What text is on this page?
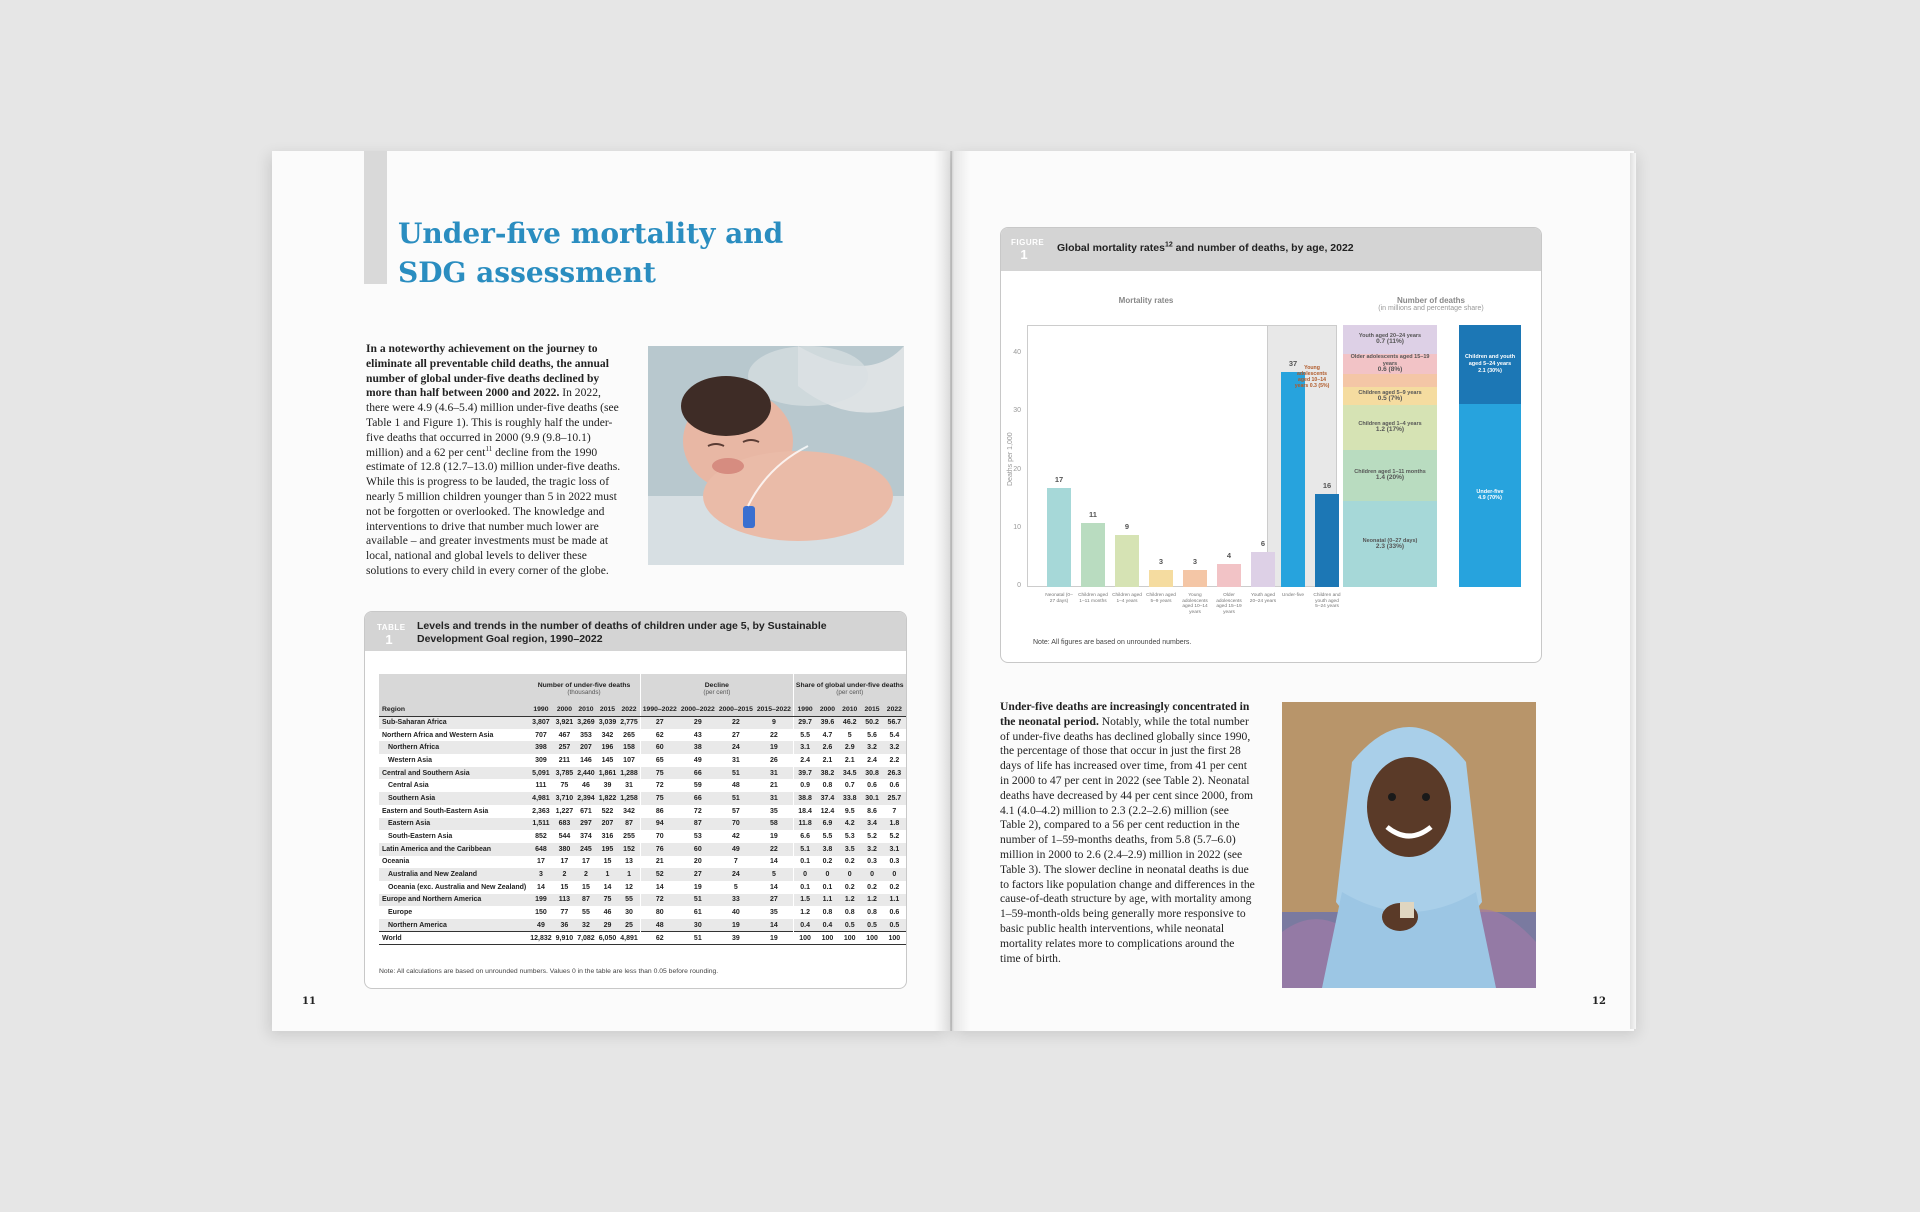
Under-five mortality and SDG assessment

In a noteworthy achievement on the journey to eliminate all preventable child deaths, the annual number of global under-five deaths declined by more than half between 2000 and 2022. In 2022, there were 4.9 (4.6–5.4) million under-five deaths (see Table 1 and Figure 1). This is roughly half the under-five deaths that occurred in 2000 (9.9 (9.8–10.1) million) and a 62 per cent$^{11}$ decline from the 1990 estimate of 12.8 (12.7–13.0) million under-five deaths. While this is progress to be lauded, the tragic loss of nearly 5 million children younger than 5 in 2022 must not be forgotten or overlooked. The knowledge and interventions to drive that number much lower are available – and greater investments must be made at local, national and global levels to deliver these solutions to every child in every corner of the globe.

TABLE
1
Levels and trends in the number of deaths of children under age 5, by Sustainable Development Goal region, 1990–2022
	Number of under-five deaths
(thousands)					Decline
(per cent)				Share of global under-five deaths
(per cent)				

Region	1990	2000	2010	2015	2022	1990–2022	2000–2022	2000–2015	2015–2022	1990	2000	2010	2015	2022
Sub-Saharan Africa	3,807	3,921	3,269	3,039	2,775	27	29	22	9	29.7	39.6	46.2	50.2	56.7
Northern Africa and Western Asia	707	467	353	342	265	62	43	27	22	5.5	4.7	5	5.6	5.4
Northern Africa	398	257	207	196	158	60	38	24	19	3.1	2.6	2.9	3.2	3.2
Western Asia	309	211	146	145	107	65	49	31	26	2.4	2.1	2.1	2.4	2.2
Central and Southern Asia	5,091	3,785	2,440	1,861	1,288	75	66	51	31	39.7	38.2	34.5	30.8	26.3
Central Asia	111	75	46	39	31	72	59	48	21	0.9	0.8	0.7	0.6	0.6
Southern Asia	4,981	3,710	2,394	1,822	1,258	75	66	51	31	38.8	37.4	33.8	30.1	25.7
Eastern and South-Eastern Asia	2,363	1,227	671	522	342	86	72	57	35	18.4	12.4	9.5	8.6	7
Eastern Asia	1,511	683	297	207	87	94	87	70	58	11.8	6.9	4.2	3.4	1.8
South-Eastern Asia	852	544	374	316	255	70	53	42	19	6.6	5.5	5.3	5.2	5.2
Latin America and the Caribbean	648	380	245	195	152	76	60	49	22	5.1	3.8	3.5	3.2	3.1
Oceania	17	17	17	15	13	21	20	7	14	0.1	0.2	0.2	0.3	0.3
Australia and New Zealand	3	2	2	1	1	52	27	24	5	0	0	0	0	0
Oceania (exc. Australia and New Zealand)	14	15	15	14	12	14	19	5	14	0.1	0.1	0.2	0.2	0.2
Europe and Northern America	199	113	87	75	55	72	51	33	27	1.5	1.1	1.2	1.2	1.1
Europe	150	77	55	46	30	80	61	40	35	1.2	0.8	0.8	0.8	0.6
Northern America	49	36	32	29	25	48	30	19	14	0.4	0.4	0.5	0.5	0.5
World	12,832	9,910	7,082	6,050	4,891	62	51	39	19	100	100	100	100	100
Note: All calculations are based on unrounded numbers. Values 0 in the table are less than 0.05 before rounding.
11
FIGURE
1	Global mortality rates$^{12}$ and number of deaths, by age, 2022
Mortality rates	Number of deaths
(in millions and percentage share)
Deaths per 1,000
0
10
20
30
40
17
Neonatal (0–27 days)
11
Children aged 1–11 months
9
Children aged 1–4 years
3
Children aged 5–9 years
3
Young adolescents aged 10–14 years
4
Older adolescents aged 15–19 years
6
Youth aged 20–24 years
37
Under-five
16
Children and youth aged 5–24 years
Neonatal (0–27 days)
2.3 (33%)
Children aged 1–11 months
1.4 (20%)
Children aged 1–4 years
1.2 (17%)
Children aged 5–9 years
0.5 (7%)
Older adolescents aged 15–19 years
0.6 (8%)
Youth aged 20–24 years
0.7 (11%)
Under-five
4.9 (70%)
Children and youth aged 5–24 years
2.1 (30%)
Young adolescents aged 10–14 years 0.3 (5%)
Note: All figures are based on unrounded numbers.

Under-five deaths are increasingly concentrated in the neonatal period. Notably, while the total number of under-five deaths has declined globally since 1990, the percentage of those that occur in just the first 28 days of life has increased over time, from 41 per cent in 2000 to 47 per cent in 2022 (see Table 2). Neonatal deaths have decreased by 44 per cent since 2000, from 4.1 (4.0–4.2) million to 2.3 (2.2–2.6) million (see Table 2), compared to a 56 per cent reduction in the number of 1–59-months deaths, from 5.8 (5.7–6.0) million in 2000 to 2.6 (2.4–2.9) million in 2022 (see Table 3). The slower decline in neonatal deaths is due to factors like population change and differences in the cause-of-death structure by age, with mortality among 1–59-month-olds being generally more responsive to basic public health interventions, while neonatal mortality relates more to complications around the time of birth.

12
